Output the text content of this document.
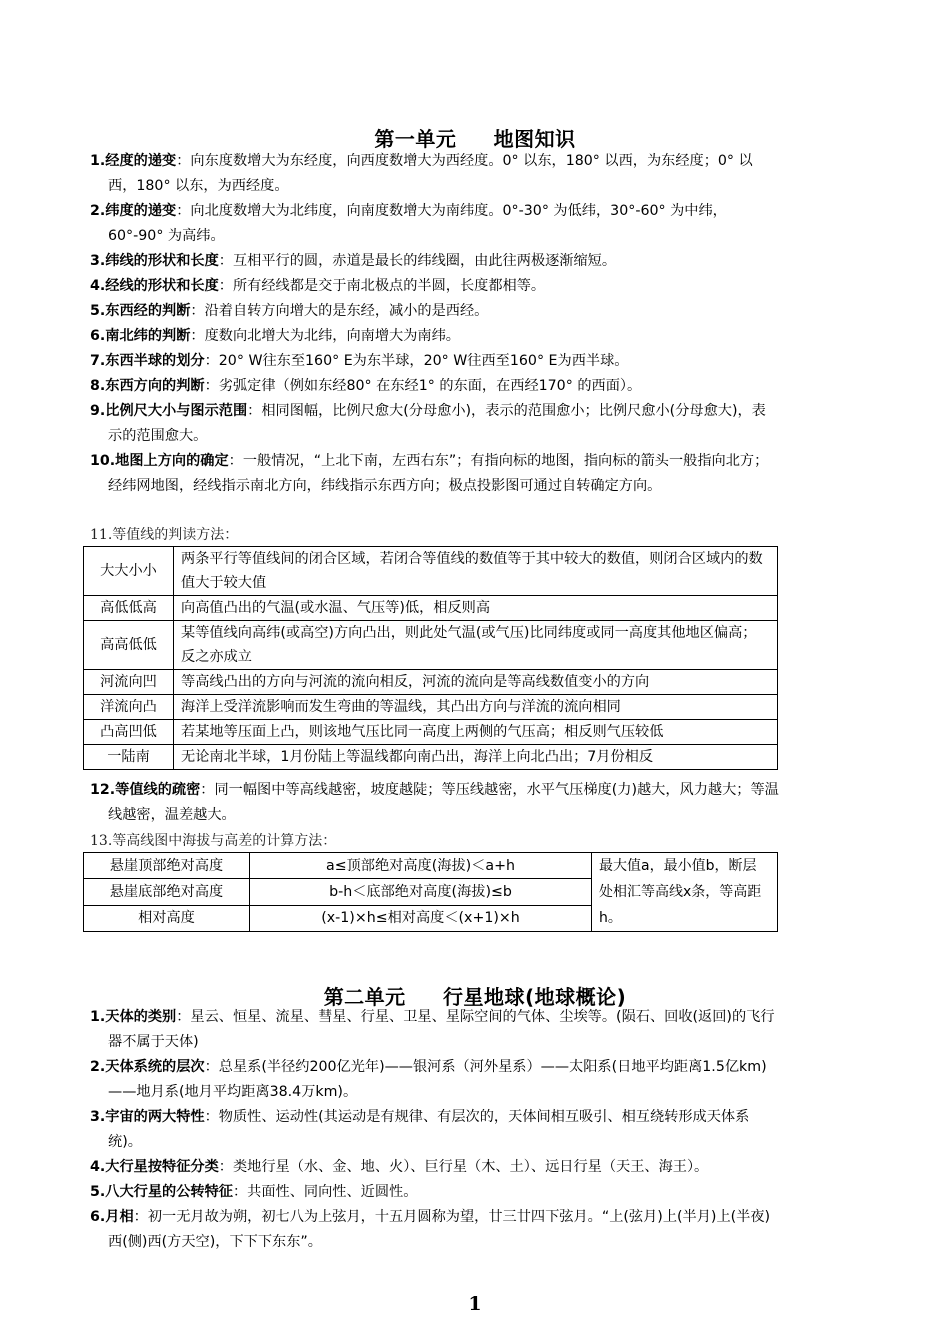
第一单元     地图知识

1.经度的递变：向东度数增大为东经度，向西度数增大为西经度。0° 以东，180° 以西，为东经度；0° 以西，180° 以东，为西经度。

2.纬度的递变：向北度数增大为北纬度，向南度数增大为南纬度。0°-30° 为低纬，30°-60° 为中纬，60°-90° 为高纬。

3.纬线的形状和长度：互相平行的圆，赤道是最长的纬线圈，由此往两极逐渐缩短。

4.经线的形状和长度：所有经线都是交于南北极点的半圆，长度都相等。

5.东西经的判断：沿着自转方向增大的是东经，减小的是西经。

6.南北纬的判断：度数向北增大为北纬，向南增大为南纬。

7.东西半球的划分：20° W往东至160° E为东半球，20° W往西至160° E为西半球。

8.东西方向的判断：劣弧定律（例如东经80° 在东经1° 的东面，在西经170° 的西面）。

9.比例尺大小与图示范围：相同图幅，比例尺愈大(分母愈小)，表示的范围愈小；比例尺愈小(分母愈大)，表示的范围愈大。

10.地图上方向的确定：一般情况，“上北下南，左西右东”；有指向标的地图，指向标的箭头一般指向北方；经纬网地图，经线指示南北方向，纬线指示东西方向；极点投影图可通过自转确定方向。

11.等值线的判读方法：
大大小小	两条平行等值线间的闭合区域，若闭合等值线的数值等于其中较大的数值，则闭合区域内的数值大于较大值
高低低高	向高值凸出的气温(或水温、气压等)低，相反则高
高高低低	某等值线向高纬(或高空)方向凸出，则此处气温(或气压)比同纬度或同一高度其他地区偏高；反之亦成立
河流向凹	等高线凸出的方向与河流的流向相反，河流的流向是等高线数值变小的方向
洋流向凸	海洋上受洋流影响而发生弯曲的等温线，其凸出方向与洋流的流向相同
凸高凹低	若某地等压面上凸，则该地气压比同一高度上两侧的气压高；相反则气压较低
一陆南	无论南北半球，1月份陆上等温线都向南凸出，海洋上向北凸出；7月份相反

12.等值线的疏密：同一幅图中等高线越密，坡度越陡；等压线越密，水平气压梯度(力)越大，风力越大；等温线越密，温差越大。

13.等高线图中海拔与高差的计算方法：
悬崖顶部绝对高度	a≤顶部绝对高度(海拔)＜a+h	最大值a，最小值b，断层处相汇等高线x条，等高距h。
悬崖底部绝对高度	b-h＜底部绝对高度(海拔)≤b	
相对高度	(x-1)×h≤相对高度＜(x+1)×h	
第二单元     行星地球(地球概论)

1.天体的类别：星云、恒星、流星、彗星、行星、卫星、星际空间的气体、尘埃等。(陨石、回收(返回)的飞行器不属于天体)

2.天体系统的层次：总星系(半径约200亿光年)——银河系（河外星系）——太阳系(日地平均距离1.5亿km)——地月系(地月平均距离38.4万km)。

3.宇宙的两大特性：物质性、运动性(其运动是有规律、有层次的，天体间相互吸引、相互绕转形成天体系统)。

4.大行星按特征分类：类地行星（水、金、地、火）、巨行星（木、土）、远日行星（天王、海王）。

5.八大行星的公转特征：共面性、同向性、近圆性。

6.月相：初一无月故为朔，初七八为上弦月，十五月圆称为望，廿三廿四下弦月。“上(弦月)上(半月)上(半夜)西(侧)西(方天空)，下下下东东”。

1
